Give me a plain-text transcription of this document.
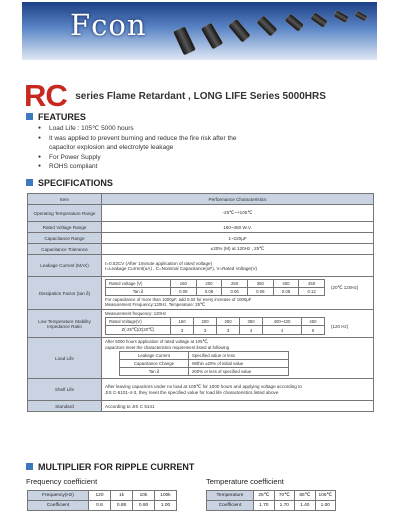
Fcon
RC series Flame Retardant , LONG LIFE Series 5000HRS
FEATURES
● Load Life : 105℃ 5000 hours
● It was applied to prevent burning and reduce the fire risk after the
capacitor explosion and electrolyte leakage
● For Power Supply
● ROHS compliant
SPECIFICATIONS
Item	Performance Characteristics
Operating Temperature Range	-25℃~+105℃
Rated Voltage Range	160~450 W.V.
Capacitance Range	1~220μF
Capacitance Tolerance	±20% (M) at 120Hz , 25℃
Leakage Current (MAX)	I=0.02CV (After 1minute application of rated voltage)
I=Leakage Current(uA) , C=Nominal Capacitance(uF), V=Rated Voltage(V)

Dissipation Factor (tan δ)	
Rated voltage (V)	160	200	250	350	400	450
Tan δ	0.08	0.08	0.06	0.08	0.08	0.12
(20℃ 120Hz)
For capacitance of more than 1000μF, add 0.02 for every increase of 1000μF
Measurement Frequency:120Hz, Temperature: 25℃

Low Temperature Stability Impedance Ratio	
Measurement frequency: 120Hz
Rated Voltage(V)	160	200	250	350	400~420	450
Z(-25℃)/Z(20℃)	3	3	3	4	4	5
(120 Hz)

Load Life	
After 5000 hours application of rated voltage at 105℃,
capacitors meet the characteristics requirement listed at following
Leakage Current	Specified value or less
Capacitance Change	Within ±20% of initial value
Tan δ	200% or less of specified value

Shelf Life	
After leaving capacitors under no load at 105℃ for 1000 hours and applying voltage according to
JIS C-5101-4-3, they meet the specified value for load life characteristics listed above

Standard	According to JIS C 5141
MULTIPLIER FOR RIPPLE CURRENT
Frequency coefficient	Temperature coefficient
Frequency(Hz)	120	1k	10k	100k
Coefficient	0.8	0.88	0.90	1.00
Temperature	25℃	70℃	85℃	105℃
Coefficient	1.70	1.70	1.40	1.00
